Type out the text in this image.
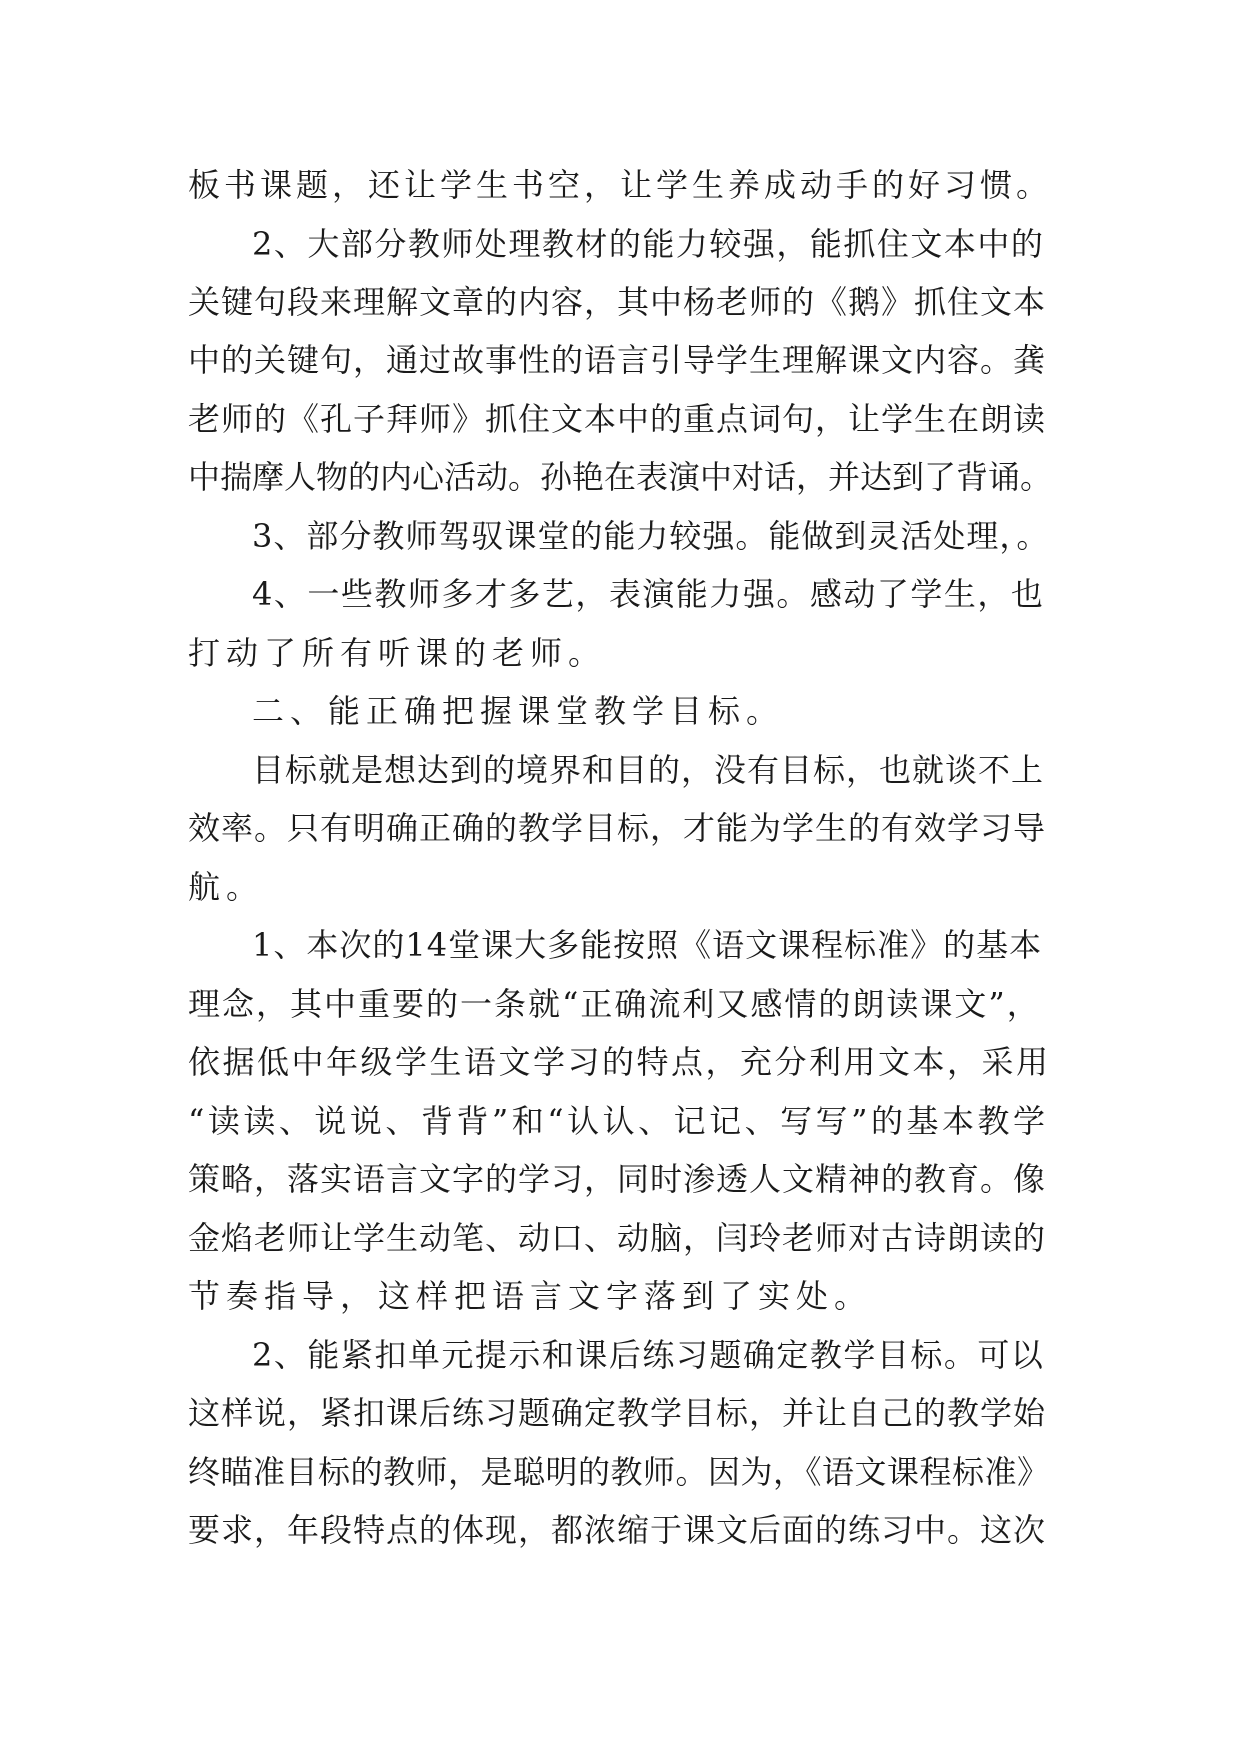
板书课题，还让学生书空，让学生养成动手的好习惯。
2、大部分教师处理教材的能力较强，能抓住文本中的
关键句段来理解文章的内容，其中杨老师的《鹅》抓住文本
中的关键句，通过故事性的语言引导学生理解课文内容。龚
老师的《孔子拜师》抓住文本中的重点词句，让学生在朗读
中揣摩人物的内心活动。孙艳在表演中对话，并达到了背诵。
3、部分教师驾驭课堂的能力较强。能做到灵活处理，。
4、一些教师多才多艺，表演能力强。感动了学生，也
打动了所有听课的老师。
二、能正确把握课堂教学目标。
目标就是想达到的境界和目的，没有目标，也就谈不上
效率。只有明确正确的教学目标，才能为学生的有效学习导
航。
1、本次的14堂课大多能按照《语文课程标准》的基本
理念，其中重要的一条就“正确流利又感情的朗读课文”，
依据低中年级学生语文学习的特点，充分利用文本，采用
“读读、说说、背背”和“认认、记记、写写”的基本教学
策略，落实语言文字的学习，同时渗透人文精神的教育。像
金焰老师让学生动笔、动口、动脑，闫玲老师对古诗朗读的
节奏指导，这样把语言文字落到了实处。
2、能紧扣单元提示和课后练习题确定教学目标。可以
这样说，紧扣课后练习题确定教学目标，并让自己的教学始
终瞄准目标的教师，是聪明的教师。因为，《语文课程标准》
要求，年段特点的体现，都浓缩于课文后面的练习中。这次
